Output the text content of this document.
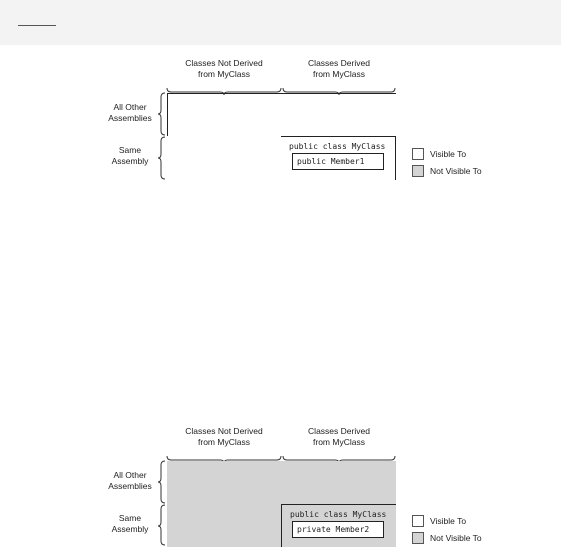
Classes Not Derived
from MyClass
Classes Derived
from MyClass
All Other
Assemblies
Same
Assembly
public class MyClass
public Member1
Visible To
Not Visible To
Classes Not Derived
from MyClass
Classes Derived
from MyClass
All Other
Assemblies
Same
Assembly
public class MyClass
private Member2
Visible To
Not Visible To
